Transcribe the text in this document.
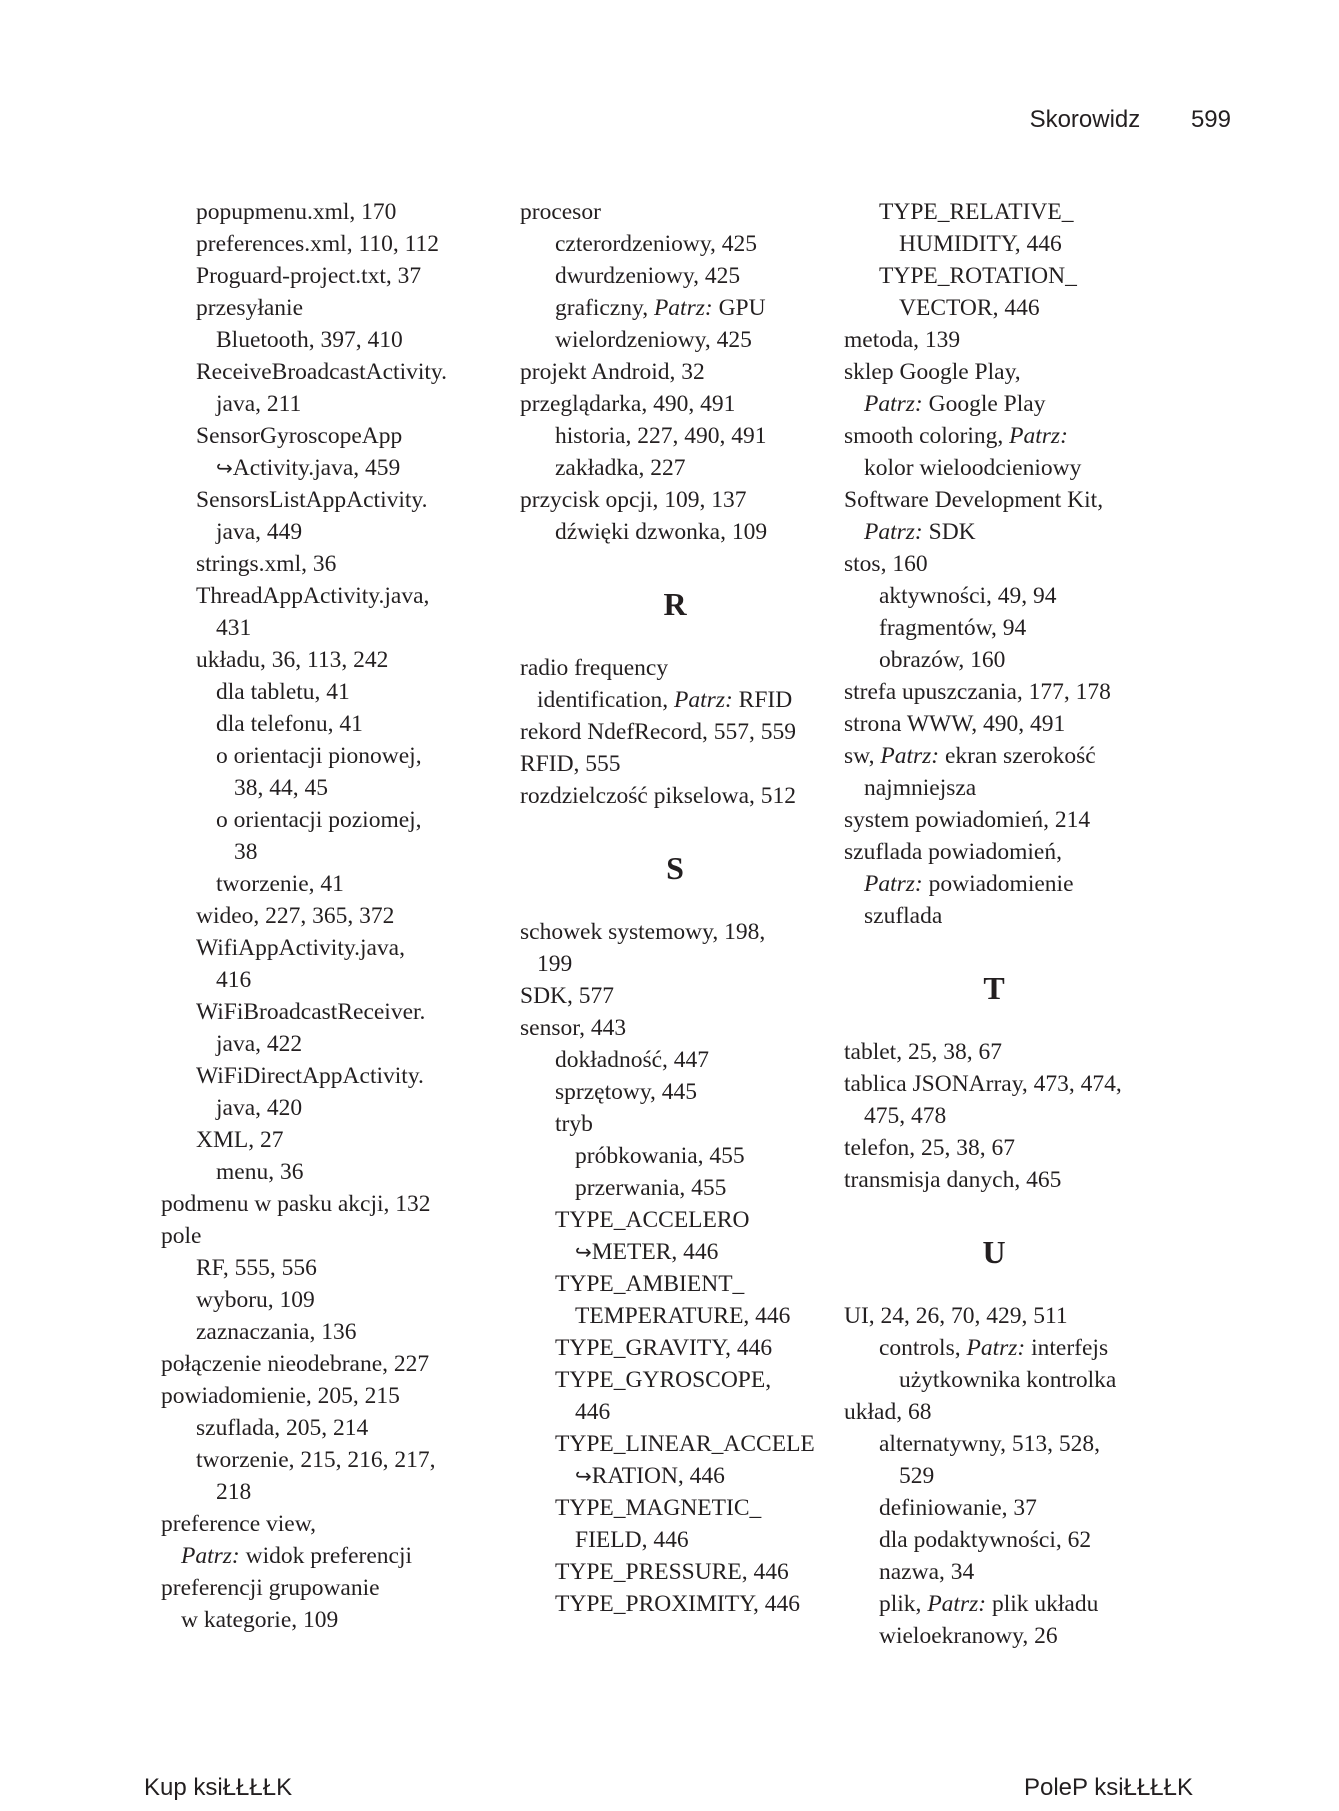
Skorowidz 599
popupmenu.xml, 170
preferences.xml, 110, 112
Proguard-project.txt, 37
przesyłanie
Bluetooth, 397, 410
ReceiveBroadcastActivity.
java, 211
SensorGyroscopeApp
↪Activity.java, 459
SensorsListAppActivity.
java, 449
strings.xml, 36
ThreadAppActivity.java,
431
układu, 36, 113, 242
dla tabletu, 41
dla telefonu, 41
o orientacji pionowej,
38, 44, 45
o orientacji poziomej,
38
tworzenie, 41
wideo, 227, 365, 372
WifiAppActivity.java,
416
WiFiBroadcastReceiver.
java, 422
WiFiDirectAppActivity.
java, 420
XML, 27
menu, 36
podmenu w pasku akcji, 132
pole
RF, 555, 556
wyboru, 109
zaznaczania, 136
połączenie nieodebrane, 227
powiadomienie, 205, 215
szuflada, 205, 214
tworzenie, 215, 216, 217,
218
preference view,
Patrz: widok preferencji
preferencji grupowanie
w kategorie, 109
procesor
czterordzeniowy, 425
dwurdzeniowy, 425
graficzny, Patrz: GPU
wielordzeniowy, 425
projekt Android, 32
przeglądarka, 490, 491
historia, 227, 490, 491
zakładka, 227
przycisk opcji, 109, 137
dźwięki dzwonka, 109
R
radio frequency
identification, Patrz: RFID
rekord NdefRecord, 557, 559
RFID, 555
rozdzielczość pikselowa, 512
S
schowek systemowy, 198,
199
SDK, 577
sensor, 443
dokładność, 447
sprzętowy, 445
tryb
próbkowania, 455
przerwania, 455
TYPE_ACCELERO
↪METER, 446
TYPE_AMBIENT_
TEMPERATURE, 446
TYPE_GRAVITY, 446
TYPE_GYROSCOPE,
446
TYPE_LINEAR_ACCELE
↪RATION, 446
TYPE_MAGNETIC_
FIELD, 446
TYPE_PRESSURE, 446
TYPE_PROXIMITY, 446
TYPE_RELATIVE_
HUMIDITY, 446
TYPE_ROTATION_
VECTOR, 446
metoda, 139
sklep Google Play,
Patrz: Google Play
smooth coloring, Patrz:
kolor wieloodcieniowy
Software Development Kit,
Patrz: SDK
stos, 160
aktywności, 49, 94
fragmentów, 94
obrazów, 160
strefa upuszczania, 177, 178
strona WWW, 490, 491
sw, Patrz: ekran szerokość
najmniejsza
system powiadomień, 214
szuflada powiadomień,
Patrz: powiadomienie
szuflada
T
tablet, 25, 38, 67
tablica JSONArray, 473, 474,
475, 478
telefon, 25, 38, 67
transmisja danych, 465
U
UI, 24, 26, 70, 429, 511
controls, Patrz: interfejs
użytkownika kontrolka
układ, 68
alternatywny, 513, 528,
529
definiowanie, 37
dla podaktywności, 62
nazwa, 34
plik, Patrz: plik układu
wieloekranowy, 26
Kup ksiŁŁŁŁK	PoleP ksiŁŁŁŁK
